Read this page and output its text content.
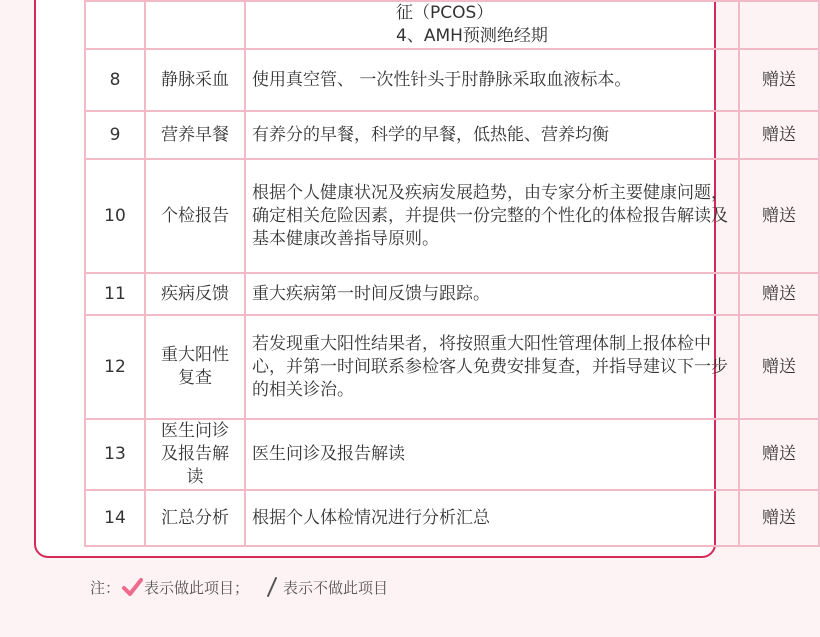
		征（PCOS）
4、AMH预测绝经期	

8	静脉采血	使用真空管、 一次性针头于肘静脉采取血液标本。	赠送
9	营养早餐	有养分的早餐，科学的早餐，低热能、营养均衡	赠送
10	个检报告	根据个人健康状况及疾病发展趋势，由专家分析主要健康问题，确定相关危险因素，并提供一份完整的个性化的体检报告解读及基本健康改善指导原则。	赠送
11	疾病反馈	重大疾病第一时间反馈与跟踪。	赠送
12	重大阳性复查	若发现重大阳性结果者，将按照重大阳性管理体制上报体检中心，并第一时间联系参检客人免费安排复查，并指导建议下一步的相关诊治。	赠送
13	医生问诊及报告解读	医生问诊及报告解读	赠送
14	汇总分析	根据个人体检情况进行分析汇总	赠送
注： 表示做此项目； 表示不做此项目
